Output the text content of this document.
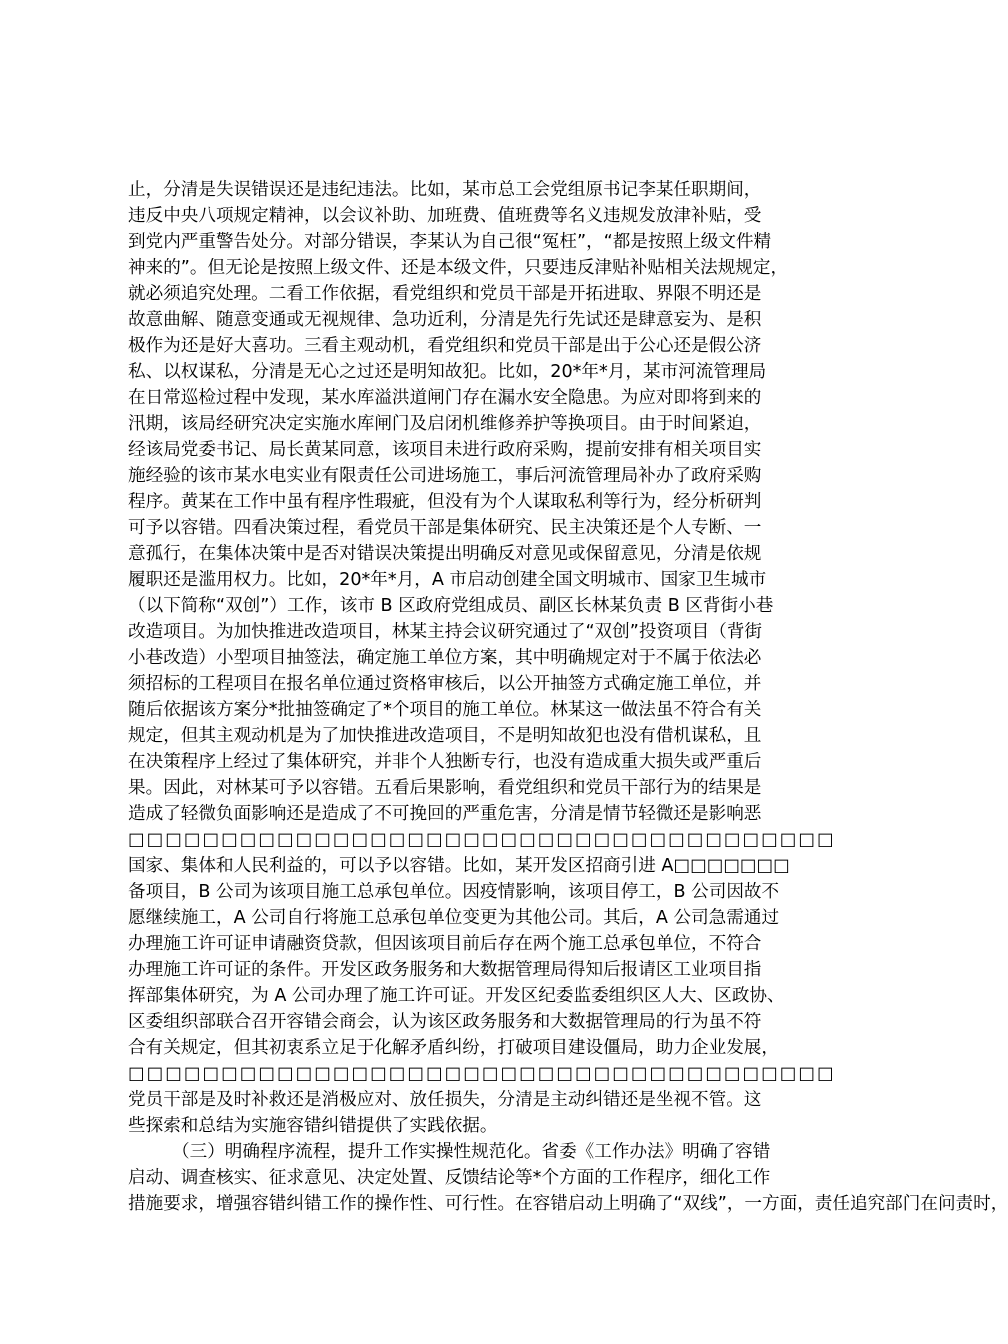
止，分清是失误错误还是违纪违法。比如，某市总工会党组原书记李某任职期间，
违反中央八项规定精神，以会议补助、加班费、值班费等名义违规发放津补贴，受
到党内严重警告处分。对部分错误，李某认为自己很“冤枉”，“都是按照上级文件精
神来的”。但无论是按照上级文件、还是本级文件，只要违反津贴补贴相关法规规定，
就必须追究处理。二看工作依据，看党组织和党员干部是开拓进取、界限不明还是
故意曲解、随意变通或无视规律、急功近利，分清是先行先试还是肆意妄为、是积
极作为还是好大喜功。三看主观动机，看党组织和党员干部是出于公心还是假公济
私、以权谋私，分清是无心之过还是明知故犯。比如，20*年*月，某市河流管理局
在日常巡检过程中发现，某水库溢洪道闸门存在漏水安全隐患。为应对即将到来的
汛期，该局经研究决定实施水库闸门及启闭机维修养护等换项目。由于时间紧迫，
经该局党委书记、局长黄某同意，该项目未进行政府采购，提前安排有相关项目实
施经验的该市某水电实业有限责任公司进场施工，事后河流管理局补办了政府采购
程序。黄某在工作中虽有程序性瑕疵，但没有为个人谋取私利等行为，经分析研判
可予以容错。四看决策过程，看党员干部是集体研究、民主决策还是个人专断、一
意孤行，在集体决策中是否对错误决策提出明确反对意见或保留意见，分清是依规
履职还是滥用权力。比如，20*年*月，A 市启动创建全国文明城市、国家卫生城市
（以下简称“双创”）工作，该市 B 区政府党组成员、副区长林某负责 B 区背街小巷
改造项目。为加快推进改造项目，林某主持会议研究通过了“双创”投资项目（背街
小巷改造）小型项目抽签法，确定施工单位方案，其中明确规定对于不属于依法必
须招标的工程项目在报名单位通过资格审核后，以公开抽签方式确定施工单位，并
随后依据该方案分*批抽签确定了*个项目的施工单位。林某这一做法虽不符合有关
规定，但其主观动机是为了加快推进改造项目，不是明知故犯也没有借机谋私，且
在决策程序上经过了集体研究，并非个人独断专行，也没有造成重大损失或严重后
果。因此，对林某可予以容错。五看后果影响，看党组织和党员干部行为的结果是
造成了轻微负面影响还是造成了不可挽回的严重危害，分清是情节轻微还是影响恶
□□□□□□□□□□□□□□□□□□□□□□□□□□□□□□□□□□□□□□
国家、集体和人民利益的，可以予以容错。比如，某开发区招商引进 A□□□□□□□
备项目，B 公司为该项目施工总承包单位。因疫情影响，该项目停工，B 公司因故不
愿继续施工，A 公司自行将施工总承包单位变更为其他公司。其后，A 公司急需通过
办理施工许可证申请融资贷款，但因该项目前后存在两个施工总承包单位，不符合
办理施工许可证的条件。开发区政务服务和大数据管理局得知后报请区工业项目指
挥部集体研究，为 A 公司办理了施工许可证。开发区纪委监委组织区人大、区政协、
区委组织部联合召开容错会商会，认为该区政务服务和大数据管理局的行为虽不符
合有关规定，但其初衷系立足于化解矛盾纠纷，打破项目建设僵局，助力企业发展，
□□□□□□□□□□□□□□□□□□□□□□□□□□□□□□□□□□□□□□
党员干部是及时补救还是消极应对、放任损失，分清是主动纠错还是坐视不管。这
些探索和总结为实施容错纠错提供了实践依据。
（三）明确程序流程，提升工作实操性规范化。省委《工作办法》明确了容错
启动、调查核实、征求意见、决定处置、反馈结论等*个方面的工作程序，细化工作
措施要求，增强容错纠错工作的操作性、可行性。在容错启动上明确了“双线”，一方面，责任追究部门在问责时，
